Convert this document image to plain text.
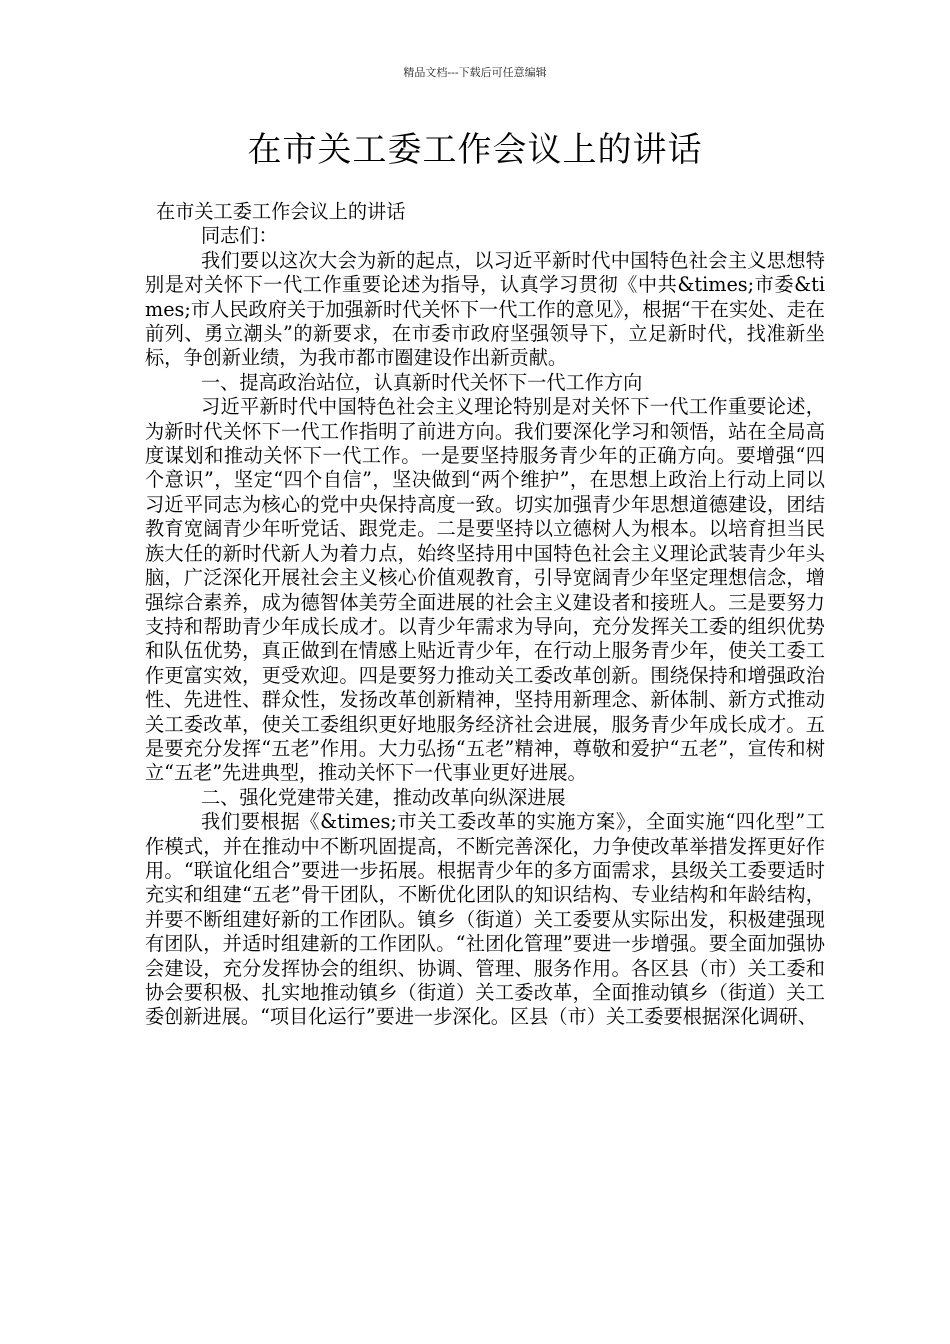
精品文档---下载后可任意编辑
在市关工委工作会议上的讲话

在市关工委工作会议上的讲话

同志们：

我们要以这次大会为新的起点，以习近平新时代中国特色社会主义思想特别是对关怀下一代工作重要论述为指导，认真学习贯彻《中共&times;市委&times;市人民政府关于加强新时代关怀下一代工作的意见》，根据“干在实处、走在前列、勇立潮头”的新要求，在市委市政府坚强领导下，立足新时代，找准新坐标，争创新业绩，为我市都市圈建设作出新贡献。

一、提高政治站位，认真新时代关怀下一代工作方向

习近平新时代中国特色社会主义理论特别是对关怀下一代工作重要论述，为新时代关怀下一代工作指明了前进方向。我们要深化学习和领悟，站在全局高度谋划和推动关怀下一代工作。一是要坚持服务青少年的正确方向。要增强“四个意识”，坚定“四个自信”，坚决做到“两个维护”，在思想上政治上行动上同以习近平同志为核心的党中央保持高度一致。切实加强青少年思想道德建设，团结教育宽阔青少年听党话、跟党走。二是要坚持以立德树人为根本。以培育担当民族大任的新时代新人为着力点，始终坚持用中国特色社会主义理论武装青少年头脑，广泛深化开展社会主义核心价值观教育，引导宽阔青少年坚定理想信念，增强综合素养，成为德智体美劳全面进展的社会主义建设者和接班人。三是要努力支持和帮助青少年成长成才。以青少年需求为导向，充分发挥关工委的组织优势和队伍优势，真正做到在情感上贴近青少年，在行动上服务青少年，使关工委工作更富实效，更受欢迎。四是要努力推动关工委改革创新。围绕保持和增强政治性、先进性、群众性，发扬改革创新精神，坚持用新理念、新体制、新方式推动关工委改革，使关工委组织更好地服务经济社会进展，服务青少年成长成才。五是要充分发挥“五老”作用。大力弘扬“五老”精神，尊敬和爱护“五老”，宣传和树立“五老”先进典型，推动关怀下一代事业更好进展。

二、强化党建带关建，推动改革向纵深进展

我们要根据《&times;市关工委改革的实施方案》，全面实施“四化型”工作模式，并在推动中不断巩固提高，不断完善深化，力争使改革举措发挥更好作用。“联谊化组合”要进一步拓展。根据青少年的多方面需求，县级关工委要适时充实和组建“五老”骨干团队，不断优化团队的知识结构、专业结构和年龄结构，并要不断组建好新的工作团队。镇乡（街道）关工委要从实际出发，积极建强现有团队，并适时组建新的工作团队。“社团化管理”要进一步增强。要全面加强协会建设，充分发挥协会的组织、协调、管理、服务作用。各区县（市）关工委和协会要积极、扎实地推动镇乡（街道）关工委改革，全面推动镇乡（街道）关工委创新进展。“项目化运行”要进一步深化。区县（市）关工委要根据深化调研、
